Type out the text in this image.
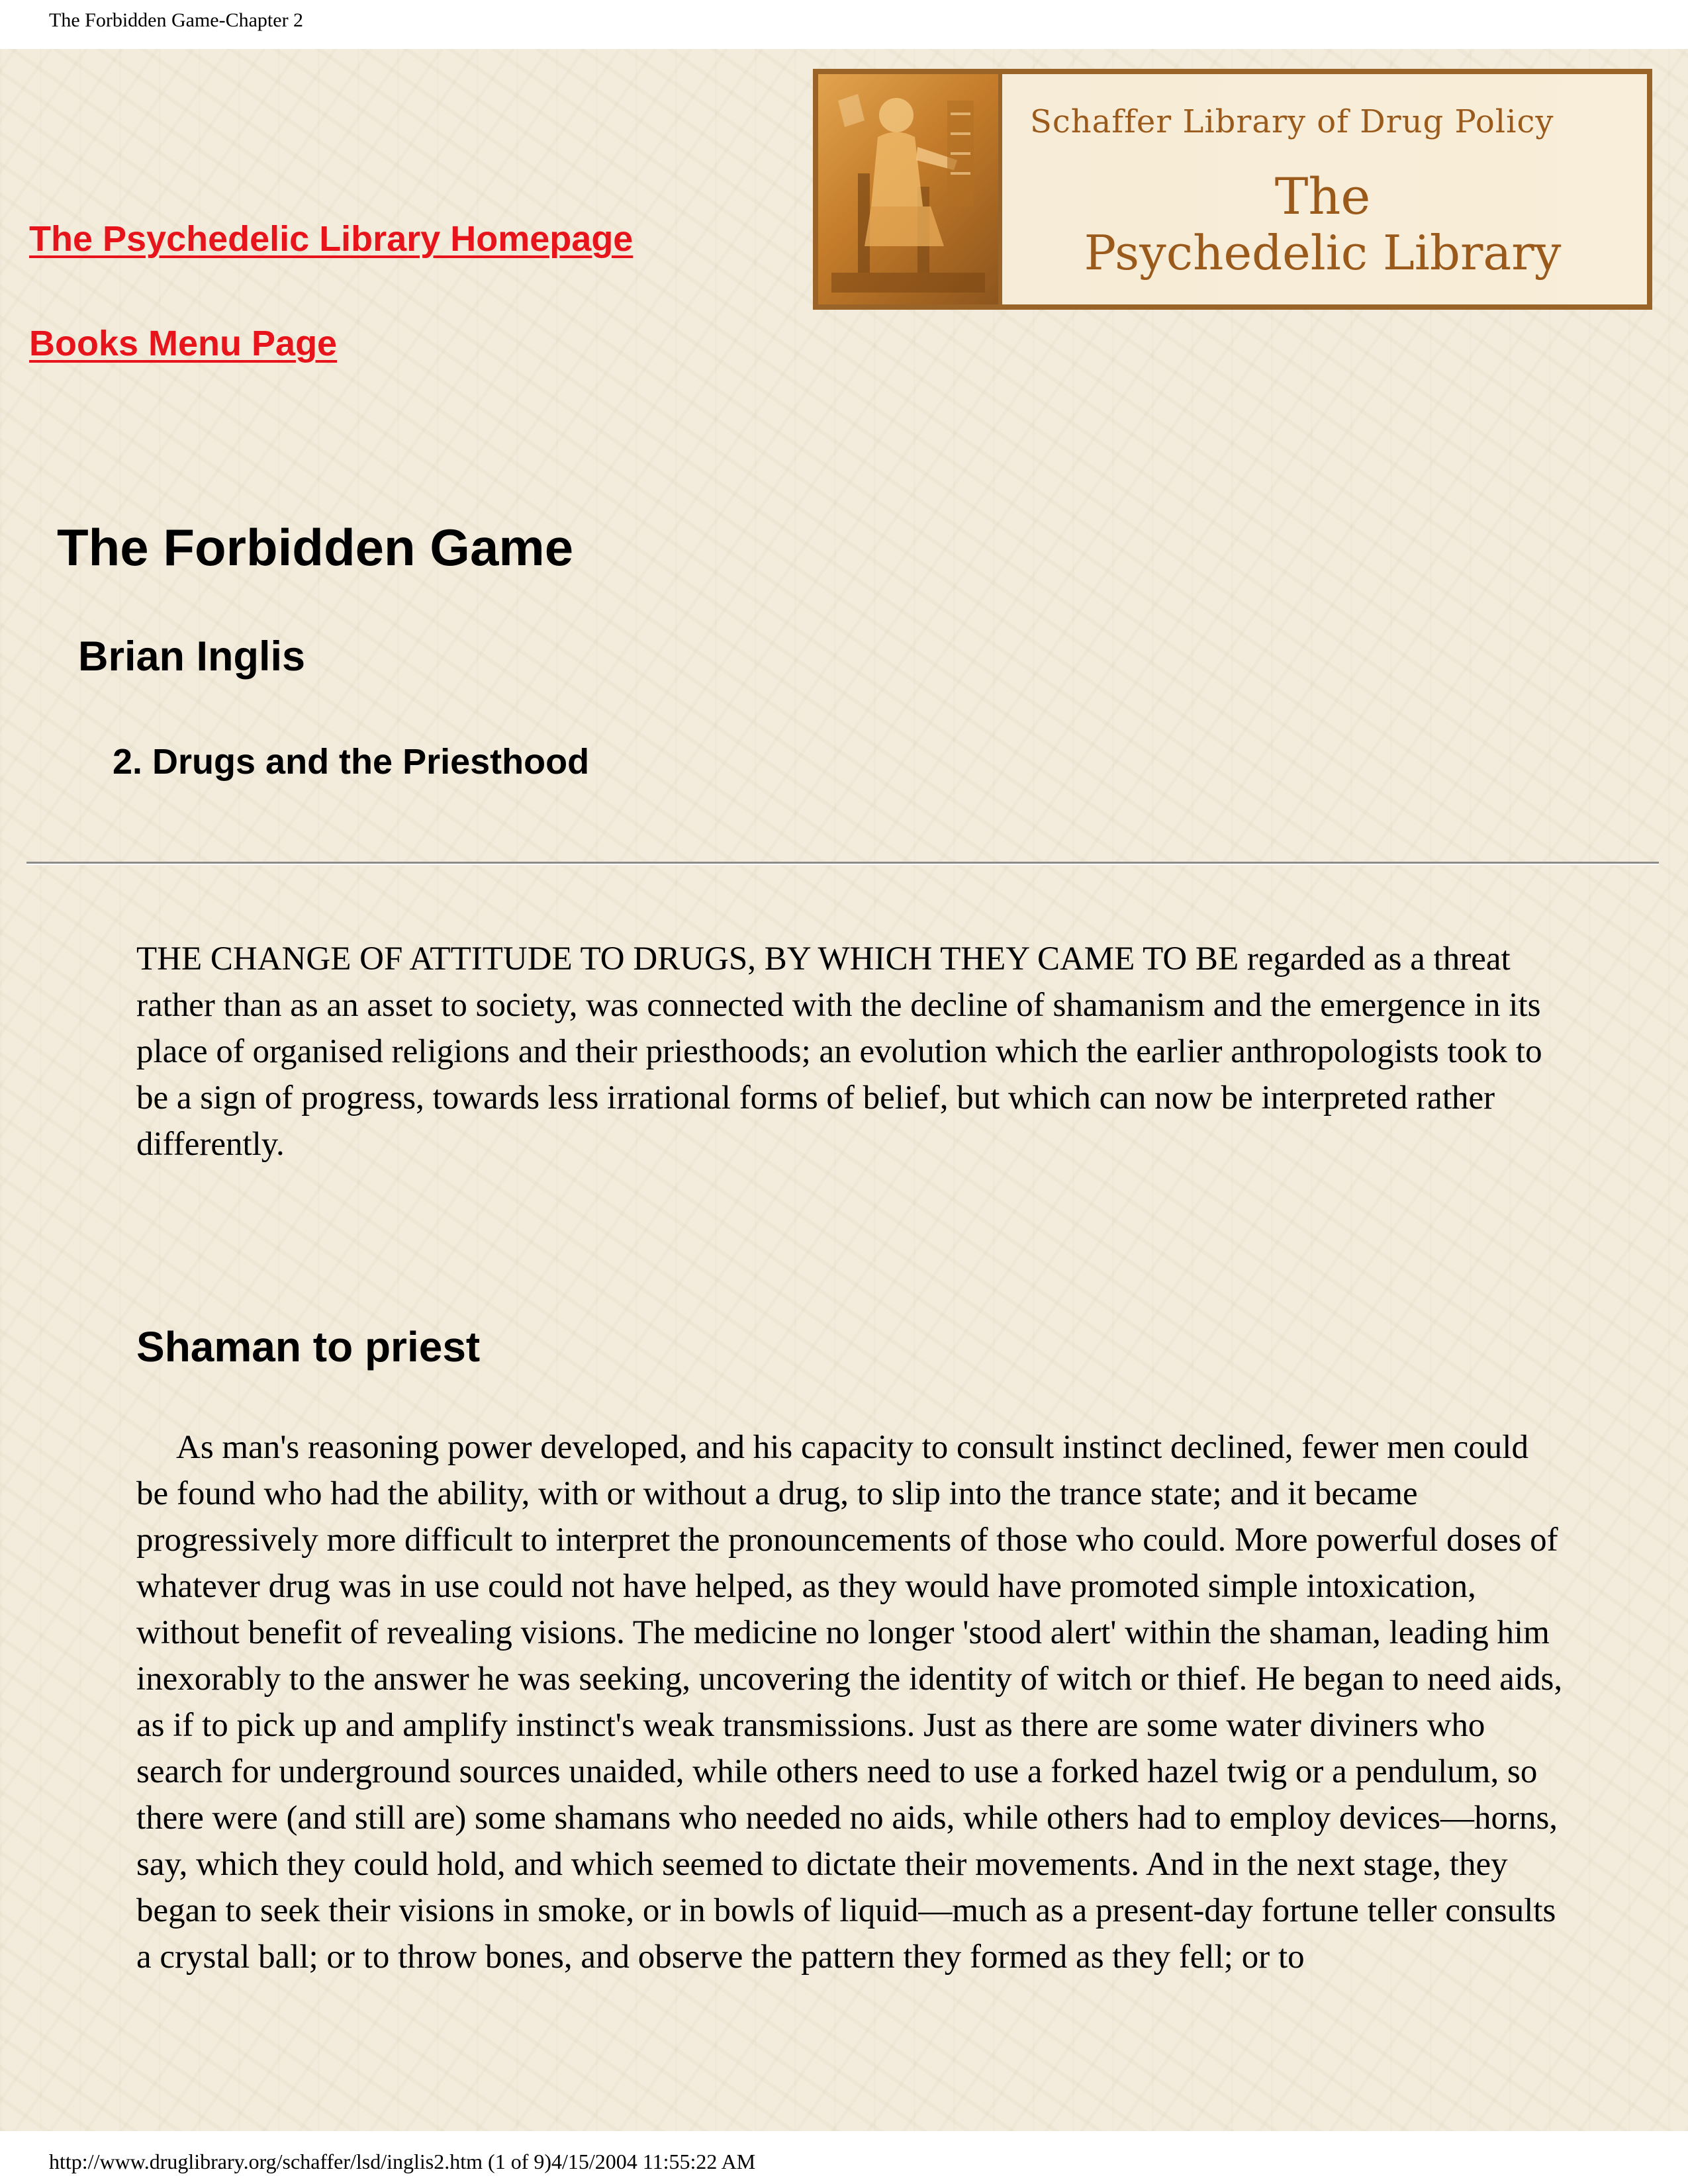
The Forbidden Game-Chapter 2
The Psychedelic Library Homepage
Books Menu Page
Schaffer Library of Drug Policy
The
Psychedelic Library
The Forbidden Game
Brian Inglis
2. Drugs and the Priesthood

THE CHANGE OF ATTITUDE TO DRUGS, BY WHICH THEY CAME TO BE regarded as a threat rather than as an asset to society, was connected with the decline of shamanism and the emergence in its place of organised religions and their priesthoods; an evolution which the earlier anthropologists took to be a sign of progress, towards less irrational forms of belief, but which can now be interpreted rather differently.

Shaman to priest

As man's reasoning power developed, and his capacity to consult instinct declined, fewer men could be found who had the ability, with or without a drug, to slip into the trance state; and it became progressively more difficult to interpret the pronouncements of those who could. More powerful doses of whatever drug was in use could not have helped, as they would have promoted simple intoxication, without benefit of revealing visions. The medicine no longer 'stood alert' within the shaman, leading him inexorably to the answer he was seeking, uncovering the identity of witch or thief. He began to need aids, as if to pick up and amplify instinct's weak transmissions. Just as there are some water diviners who search for underground sources unaided, while others need to use a forked hazel twig or a pendulum, so there were (and still are) some shamans who needed no aids, while others had to employ devices—horns, say, which they could hold, and which seemed to dictate their movements. And in the next stage, they began to seek their visions in smoke, or in bowls of liquid—much as a present-day fortune teller consults a crystal ball; or to throw bones, and observe the pattern they formed as they fell; or to

http://www.druglibrary.org/schaffer/lsd/inglis2.htm (1 of 9)4/15/2004 11:55:22 AM
